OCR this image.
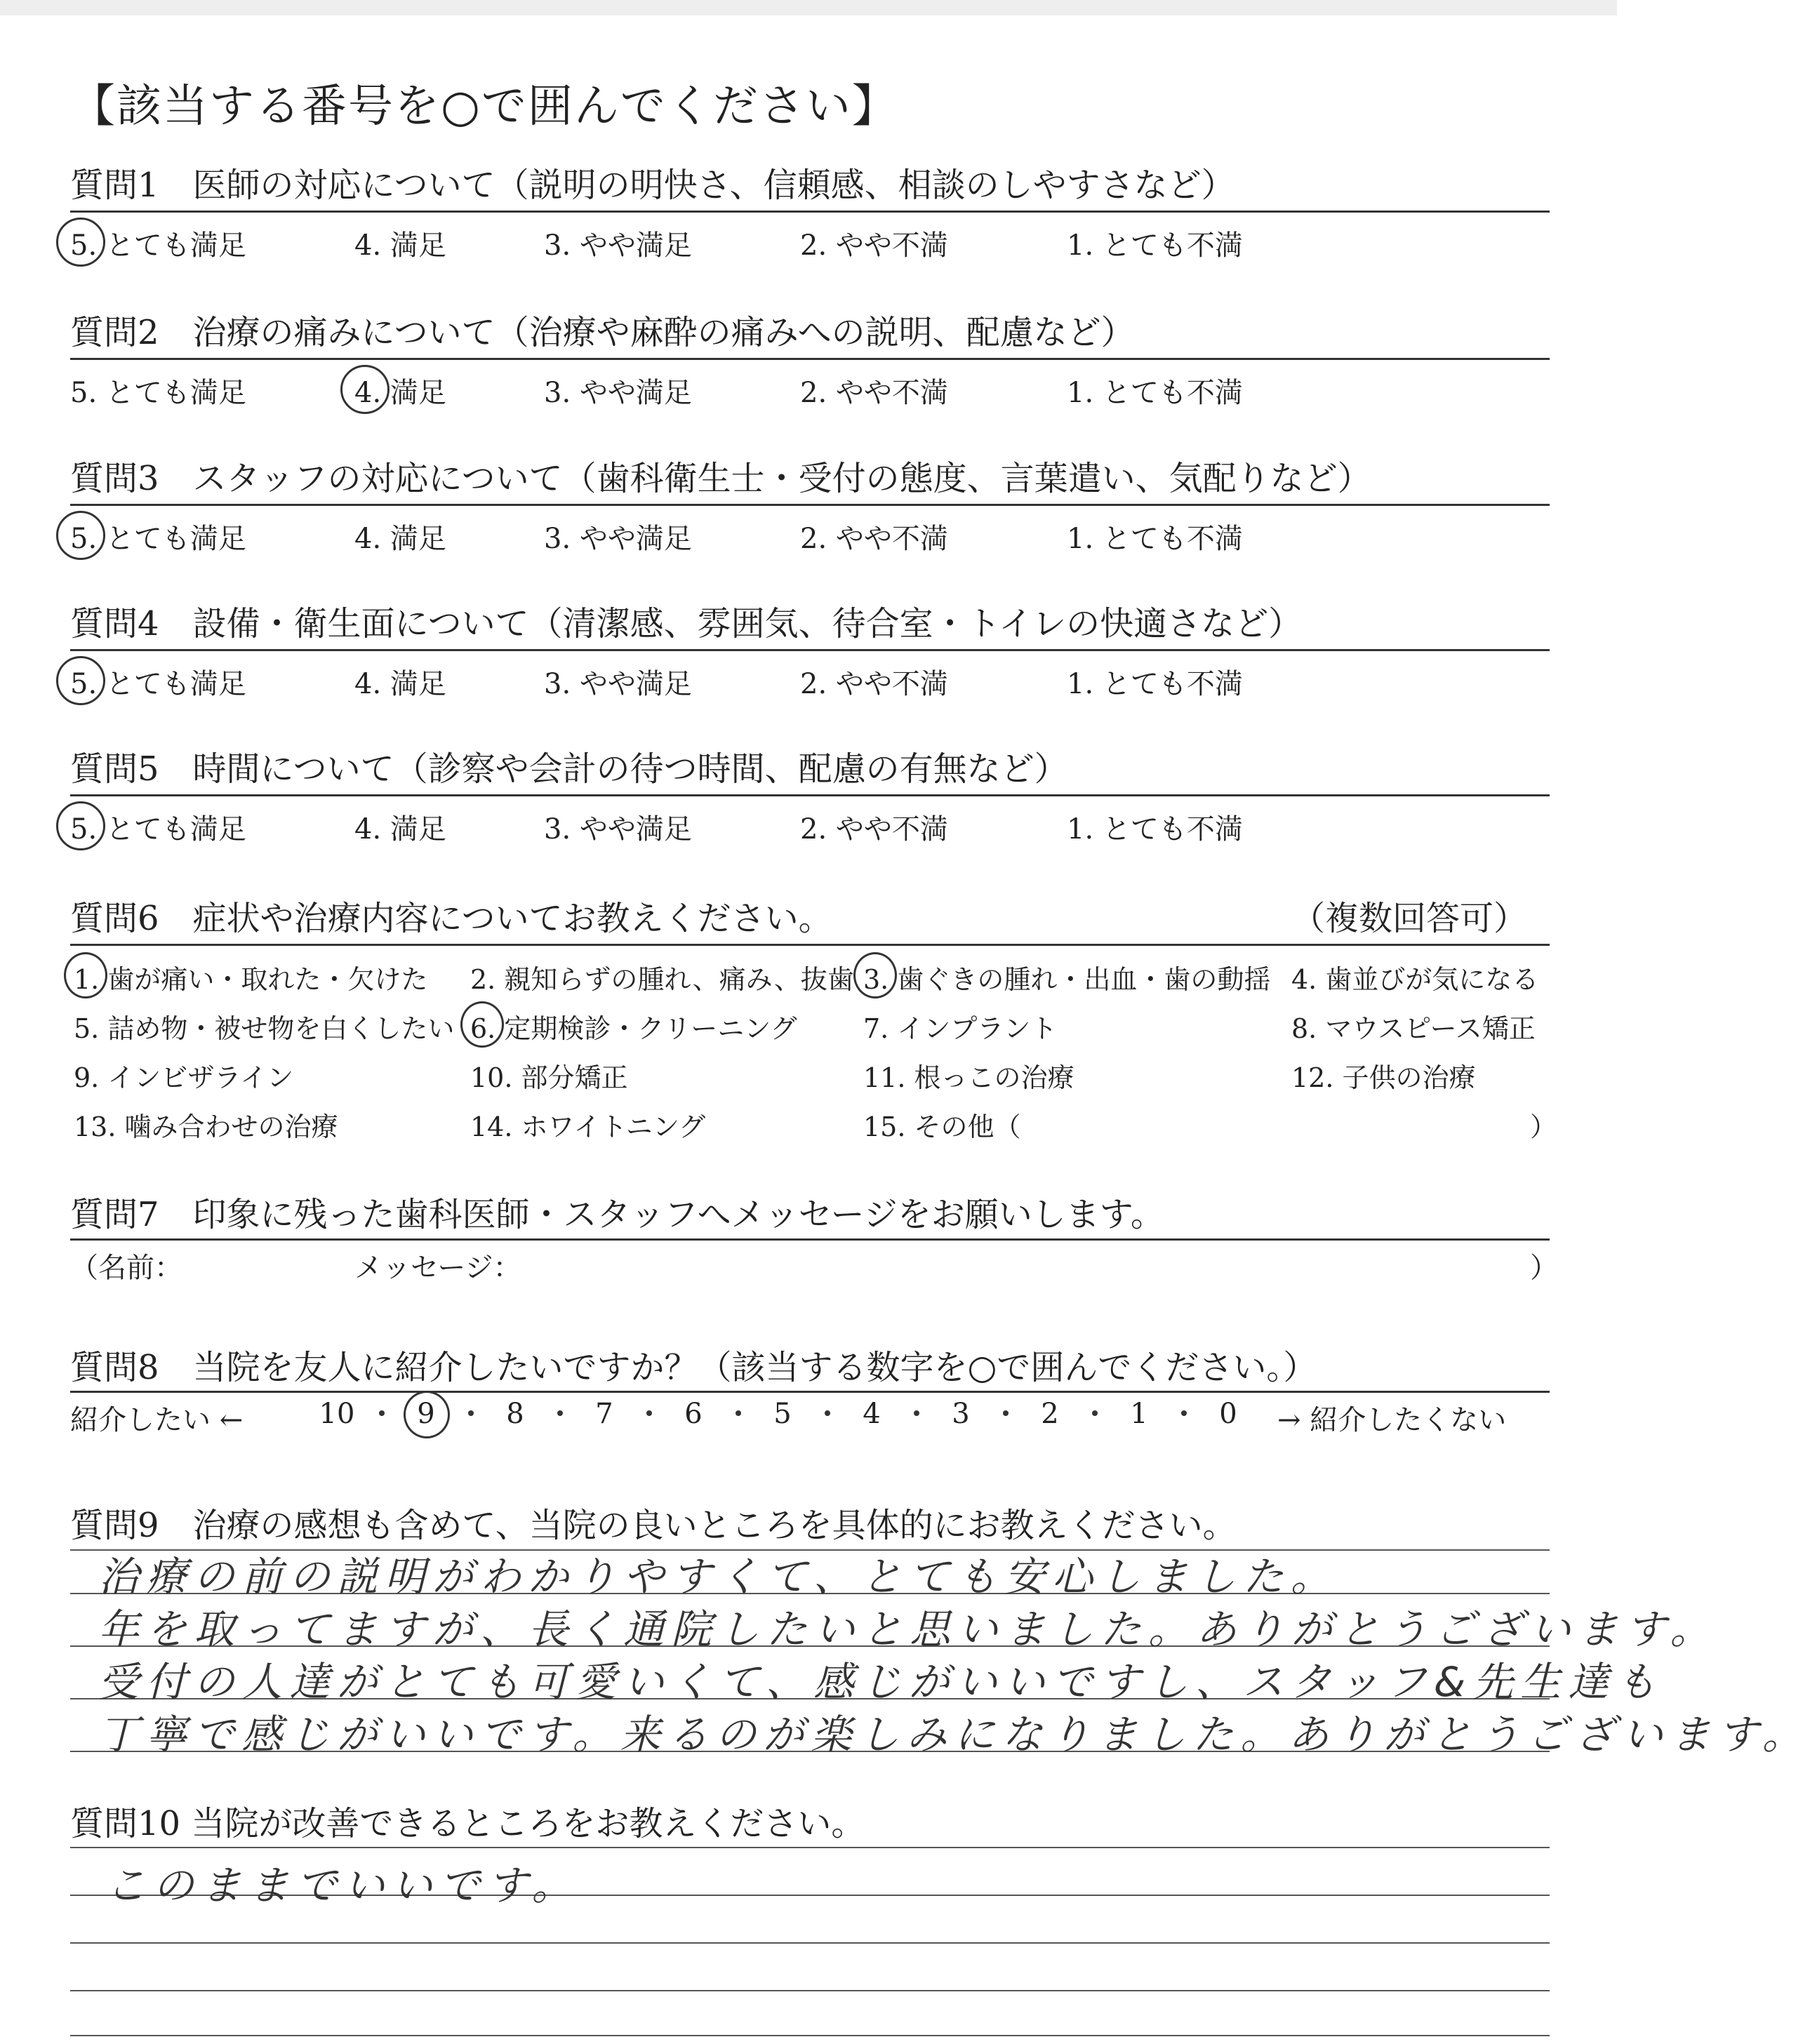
【該当する番号を○で囲んでください】
質問1　医師の対応について（説明の明快さ、信頼感、相談のしやすさなど）
5. とても満足	4. 満足	3. やや満足	2. やや不満	1. とても不満
質問2　治療の痛みについて（治療や麻酔の痛みへの説明、配慮など）
5. とても満足	4. 満足	3. やや満足	2. やや不満	1. とても不満
質問3　スタッフの対応について（歯科衛生士・受付の態度、言葉遣い、気配りなど）
5. とても満足	4. 満足	3. やや満足	2. やや不満	1. とても不満
質問4　設備・衛生面について（清潔感、雰囲気、待合室・トイレの快適さなど）
5. とても満足	4. 満足	3. やや満足	2. やや不満	1. とても不満
質問5　時間について（診察や会計の待つ時間、配慮の有無など）
5. とても満足	4. 満足	3. やや満足	2. やや不満	1. とても不満
質問6　症状や治療内容についてお教えください。	（複数回答可）
1. 歯が痛い・取れた・欠けた 2. 親知らずの腫れ、痛み、抜歯 3. 歯ぐきの腫れ・出血・歯の動揺 4. 歯並びが気になる
5. 詰め物・被せ物を白くしたい 6. 定期検診・クリーニング 7. インプラント	8. マウスピース矯正
9. インビザライン	10. 部分矯正	11. 根っこの治療	12. 子供の治療
13. 噛み合わせの治療	14. ホワイトニング	15. その他（	）
質問7　印象に残った歯科医師・スタッフへメッセージをお願いします。
（名前：	メッセージ：	）
質問8　当院を友人に紹介したいですか？（該当する数字を○で囲んでください。）
紹介したい ←	→ 紹介したくない
10	9	8	7	6	5	4	3	2	1	0
質問9　治療の感想も含めて、当院の良いところを具体的にお教えください。
治療の前の説明がわかりやすくて、とても安心しました。
年を取ってますが、長く通院したいと思いました。ありがとうございます。
受付の人達がとても可愛いくて、感じがいいですし、スタッフ&先生達も
丁寧で感じがいいです。来るのが楽しみになりました。ありがとうございます。
質問10 当院が改善できるところをお教えください。
このままでいいです。
